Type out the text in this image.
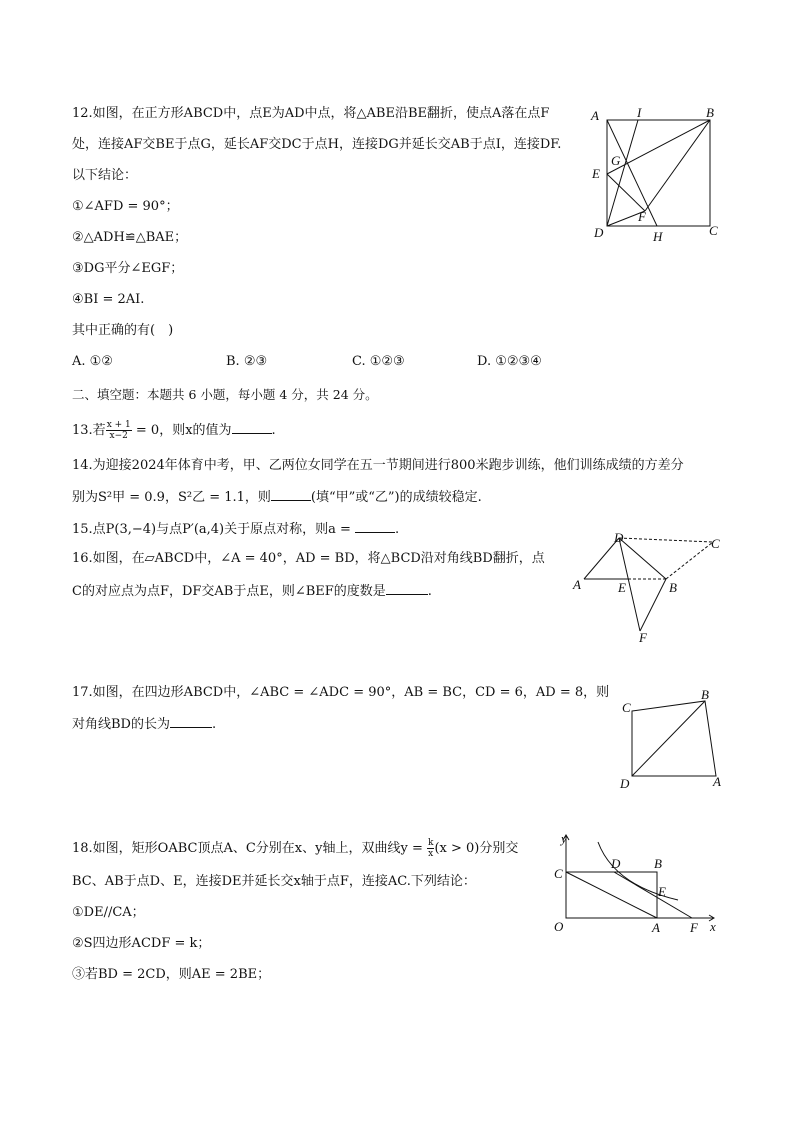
12.如图，在正方形ABCD中，点E为AD中点，将△ABE沿BE翻折，使点A落在点F
处，连接AF交BE于点G，延长AF交DC于点H，连接DG并延长交AB于点I，连接DF.
以下结论：
①∠AFD = 90°；
②△ADH≌△BAE；
③DG平分∠EGF；
④BI = 2AI.
其中正确的有(　)
A. ①②	B. ②③	C. ①②③	D. ①②③④
A	I	B
G
E
F
D	H	C
二、填空题：本题共 6 小题，每小题 4 分，共 24 分。
13.若 $\frac{x + 1}{x-2} = 0$，则x的值为	.
14.为迎接2024年体育中考，甲、乙两位女同学在五一节期间进行800米跑步训练，他们训练成绩的方差分
别为S²甲 = 0.9，S²乙 = 1.1，则	(填“甲”或“乙”)的成绩较稳定.
15.点P(3,−4)与点P′(a,4)关于原点对称，则a =	.
16.如图，在▱ABCD中，∠A = 40°，AD = BD，将△BCD沿对角线BD翻折，点
C的对应点为点F，DF交AB于点E，则∠BEF的度数是	.
D	C
A	E	B
F
17.如图，在四边形ABCD中，∠ABC = ∠ADC = 90°，AB = BC，CD = 6，AD = 8，则
对角线BD的长为	.
B
C
D	A
18.如图，矩形OABC顶点A、C分别在x、y轴上，双曲线$y = \frac{k}{x} (x > 0)$分别交
BC、AB于点D、E，连接DE并延长交x轴于点F，连接AC.下列结论：
①DE//CA；
②S四边形ACDF = k；
③若BD = 2CD，则AE = 2BE；
y
C
D	B
E
O	A F x
